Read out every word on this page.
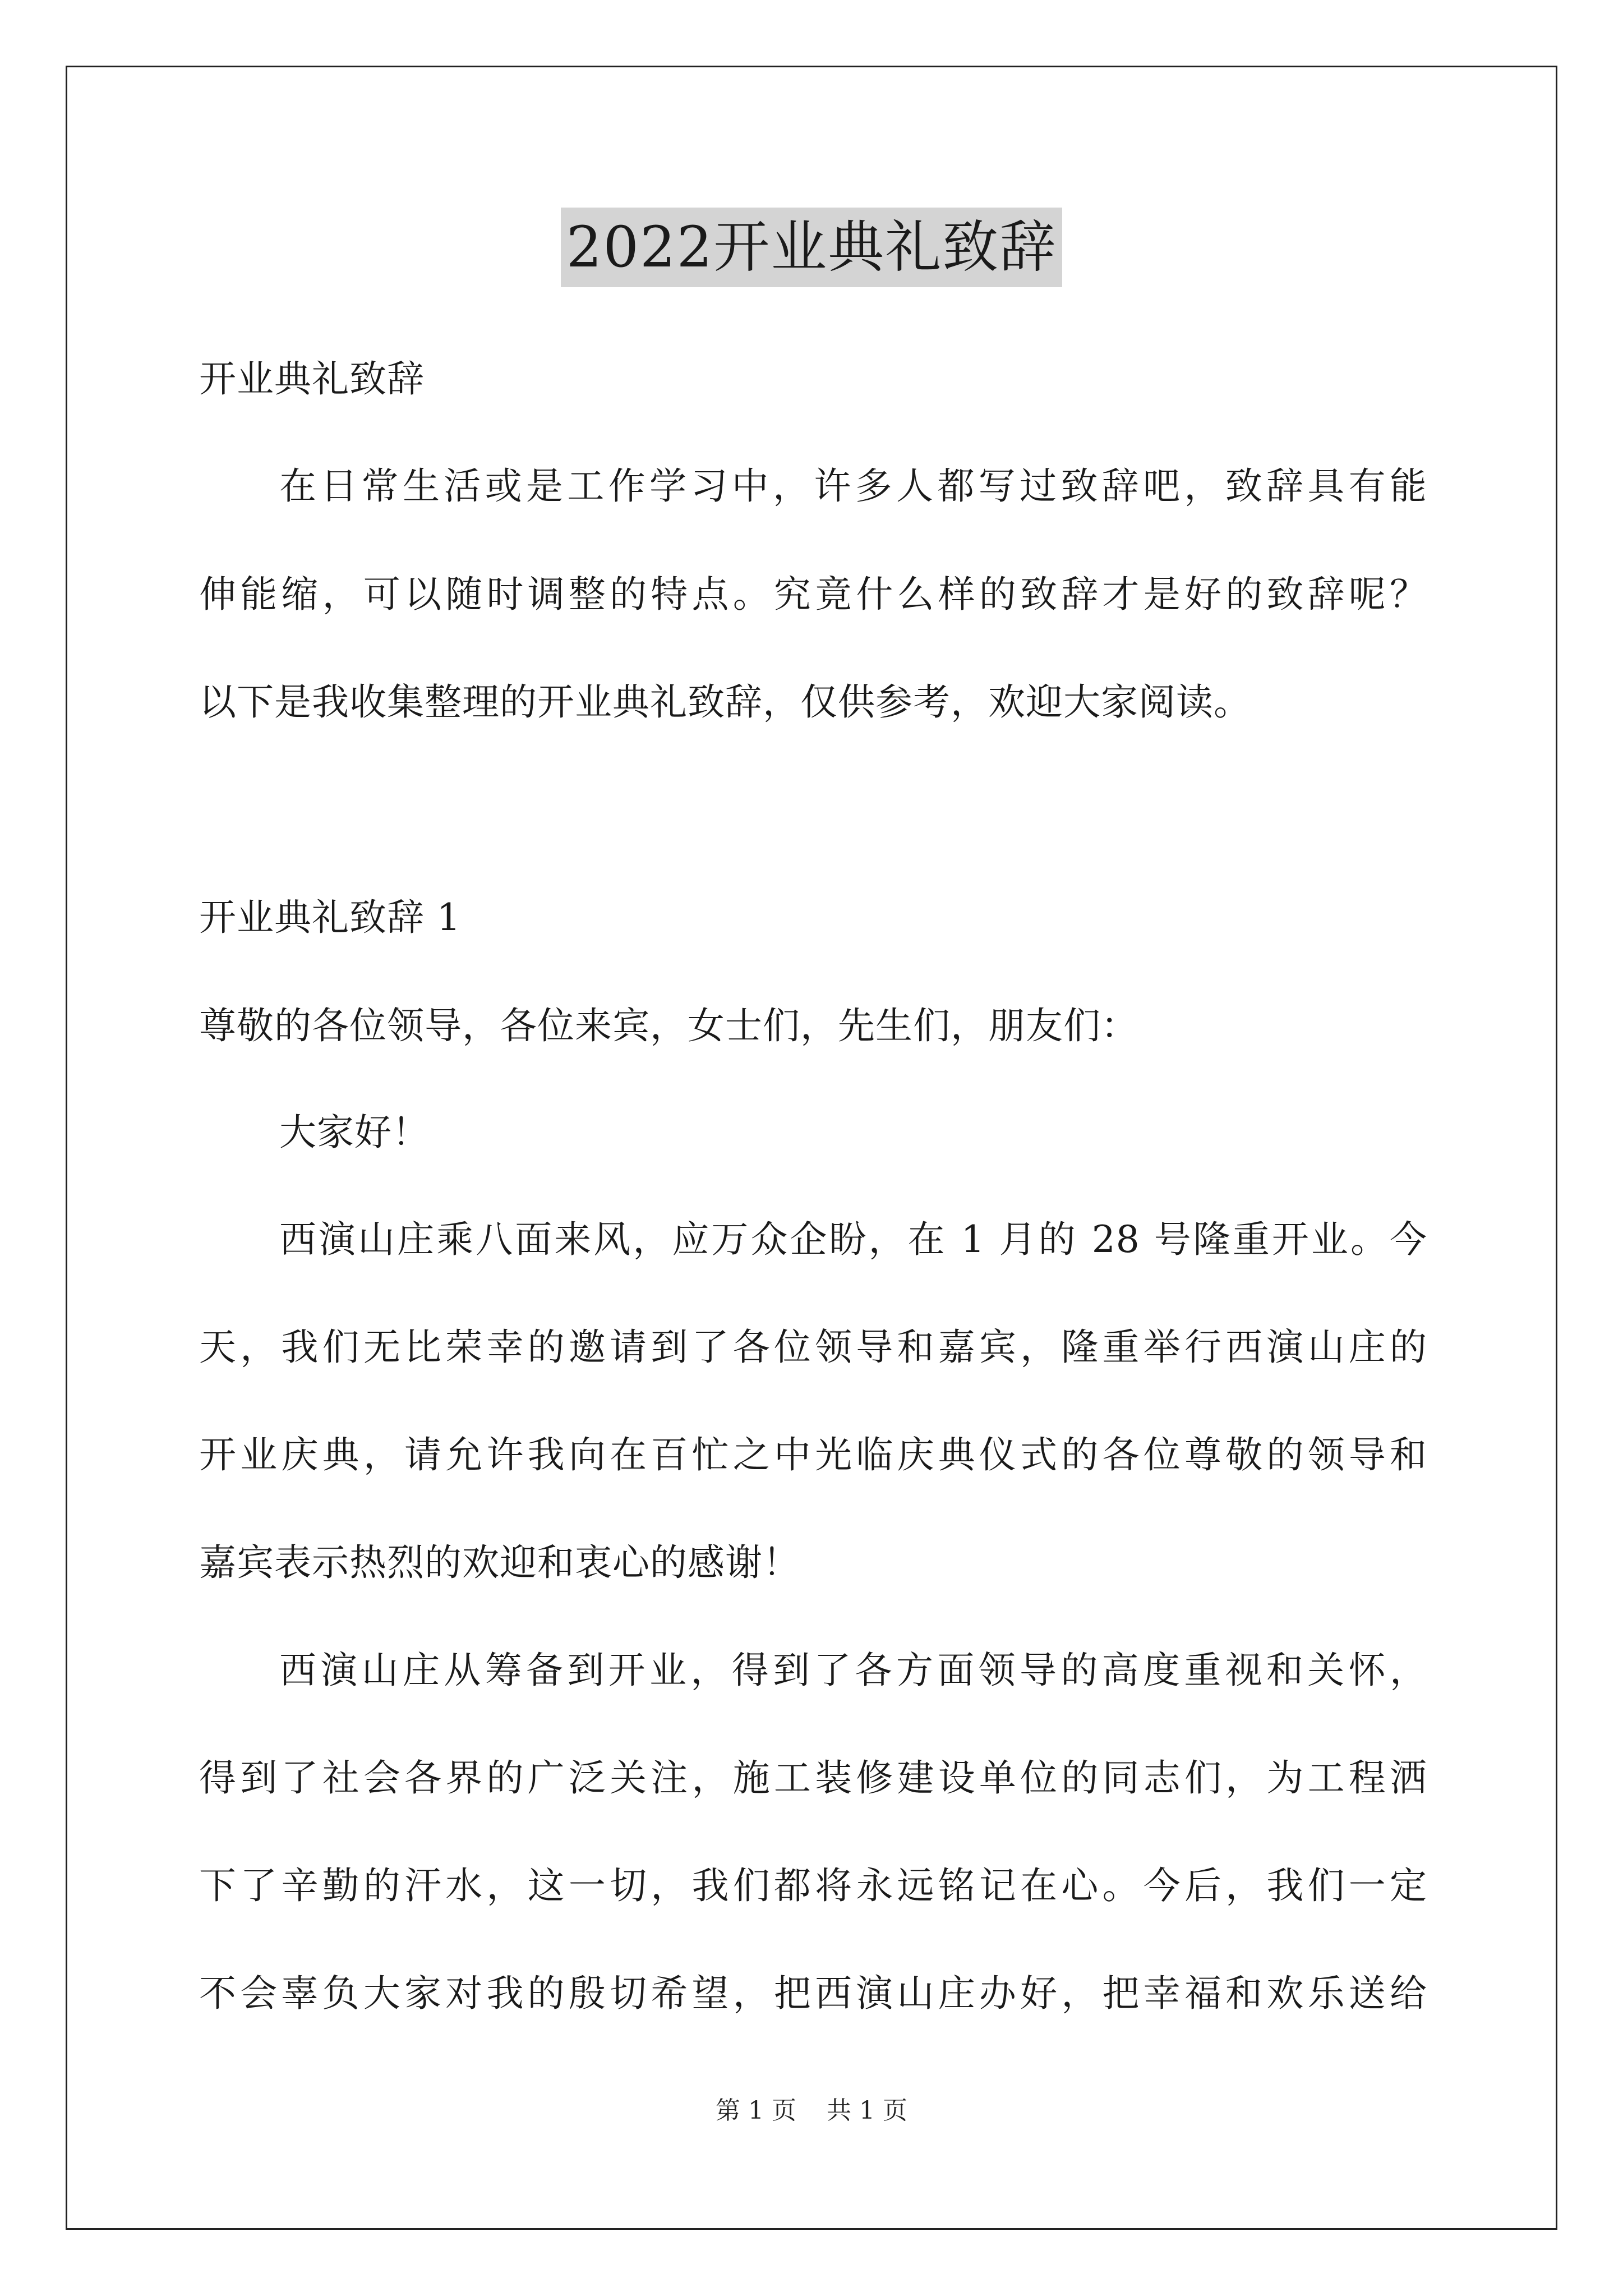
2022开业典礼致辞
开业典礼致辞
在日常生活或是工作学习中，许多人都写过致辞吧，致辞具有能
伸能缩，可以随时调整的特点。究竟什么样的致辞才是好的致辞呢？
以下是我收集整理的开业典礼致辞，仅供参考，欢迎大家阅读。
开业典礼致辞 1
尊敬的各位领导，各位来宾，女士们，先生们，朋友们：
大家好！
西演山庄乘八面来风，应万众企盼，在 1 月的 28 号隆重开业。今
天，我们无比荣幸的邀请到了各位领导和嘉宾，隆重举行西演山庄的
开业庆典，请允许我向在百忙之中光临庆典仪式的各位尊敬的领导和
嘉宾表示热烈的欢迎和衷心的感谢！
西演山庄从筹备到开业，得到了各方面领导的高度重视和关怀，
得到了社会各界的广泛关注，施工装修建设单位的同志们，为工程洒
下了辛勤的汗水，这一切，我们都将永远铭记在心。今后，我们一定
不会辜负大家对我的殷切希望，把西演山庄办好，把幸福和欢乐送给
第 1 页 共 1 页
